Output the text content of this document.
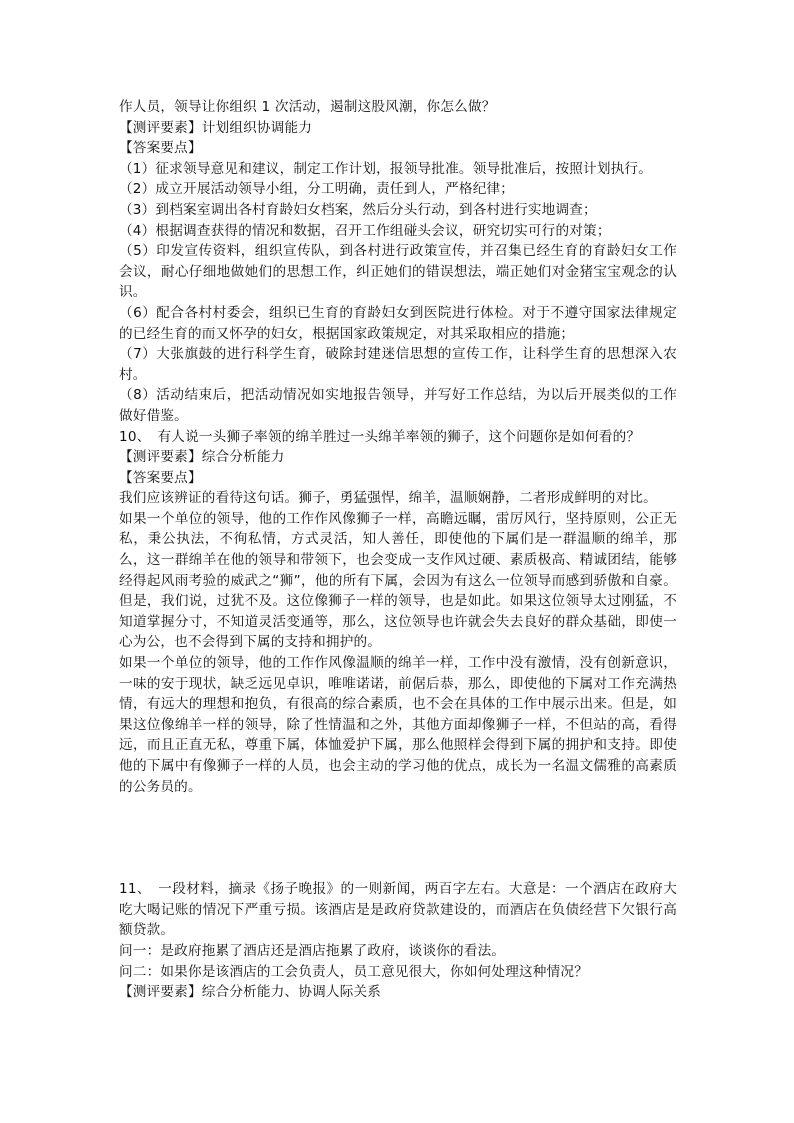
作人员，领导让你组织 1 次活动，遏制这股风潮，你怎么做？

【测评要素】计划组织协调能力

【答案要点】

（1）征求领导意见和建议，制定工作计划，报领导批准。领导批准后，按照计划执行。

（2）成立开展活动领导小组，分工明确，责任到人，严格纪律；

（3）到档案室调出各村育龄妇女档案，然后分头行动，到各村进行实地调查；

（4）根据调查获得的情况和数据，召开工作组碰头会议，研究切实可行的对策；

（5）印发宣传资料，组织宣传队，到各村进行政策宣传，并召集已经生育的育龄妇女工作会议，耐心仔细地做她们的思想工作，纠正她们的错误想法，端正她们对金猪宝宝观念的认识。

（6）配合各村村委会，组织已生育的育龄妇女到医院进行体检。对于不遵守国家法律规定的已经生育的而又怀孕的妇女，根据国家政策规定，对其采取相应的措施；

（7）大张旗鼓的进行科学生育，破除封建迷信思想的宣传工作，让科学生育的思想深入农村。

（8）活动结束后，把活动情况如实地报告领导，并写好工作总结，为以后开展类似的工作做好借鉴。

10、　有人说一头狮子率领的绵羊胜过一头绵羊率领的狮子，这个问题你是如何看的？

【测评要素】综合分析能力

【答案要点】

我们应该辨证的看待这句话。狮子，勇猛强悍，绵羊，温顺娴静，二者形成鲜明的对比。

如果一个单位的领导，他的工作作风像狮子一样，高瞻远瞩，雷厉风行，坚持原则，公正无私，秉公执法，不徇私情，方式灵活，知人善任，即使他的下属们是一群温顺的绵羊，那么，这一群绵羊在他的领导和带领下，也会变成一支作风过硬、素质极高、精诚团结，能够经得起风雨考验的威武之“狮”，他的所有下属，会因为有这么一位领导而感到骄傲和自豪。但是，我们说，过犹不及。这位像狮子一样的领导，也是如此。如果这位领导太过刚猛，不知道掌握分寸，不知道灵活变通等，那么，这位领导也许就会失去良好的群众基础，即使一心为公，也不会得到下属的支持和拥护的。

如果一个单位的领导，他的工作作风像温顺的绵羊一样，工作中没有激情，没有创新意识，一味的安于现状，缺乏远见卓识，唯唯诺诺，前倨后恭，那么，即使他的下属对工作充满热情，有远大的理想和抱负，有很高的综合素质，也不会在具体的工作中展示出来。但是，如果这位像绵羊一样的领导，除了性情温和之外，其他方面却像狮子一样，不但站的高，看得远，而且正直无私，尊重下属，体恤爱护下属，那么他照样会得到下属的拥护和支持。即使他的下属中有像狮子一样的人员，也会主动的学习他的优点，成长为一名温文儒雅的高素质的公务员的。

11、　一段材料，摘录《扬子晚报》的一则新闻，两百字左右。大意是：一个酒店在政府大吃大喝记账的情况下严重亏损。该酒店是是政府贷款建设的，而酒店在负债经营下欠银行高额贷款。

问一：是政府拖累了酒店还是酒店拖累了政府，谈谈你的看法。

问二：如果你是该酒店的工会负责人，员工意见很大，你如何处理这种情况？

【测评要素】综合分析能力、协调人际关系
